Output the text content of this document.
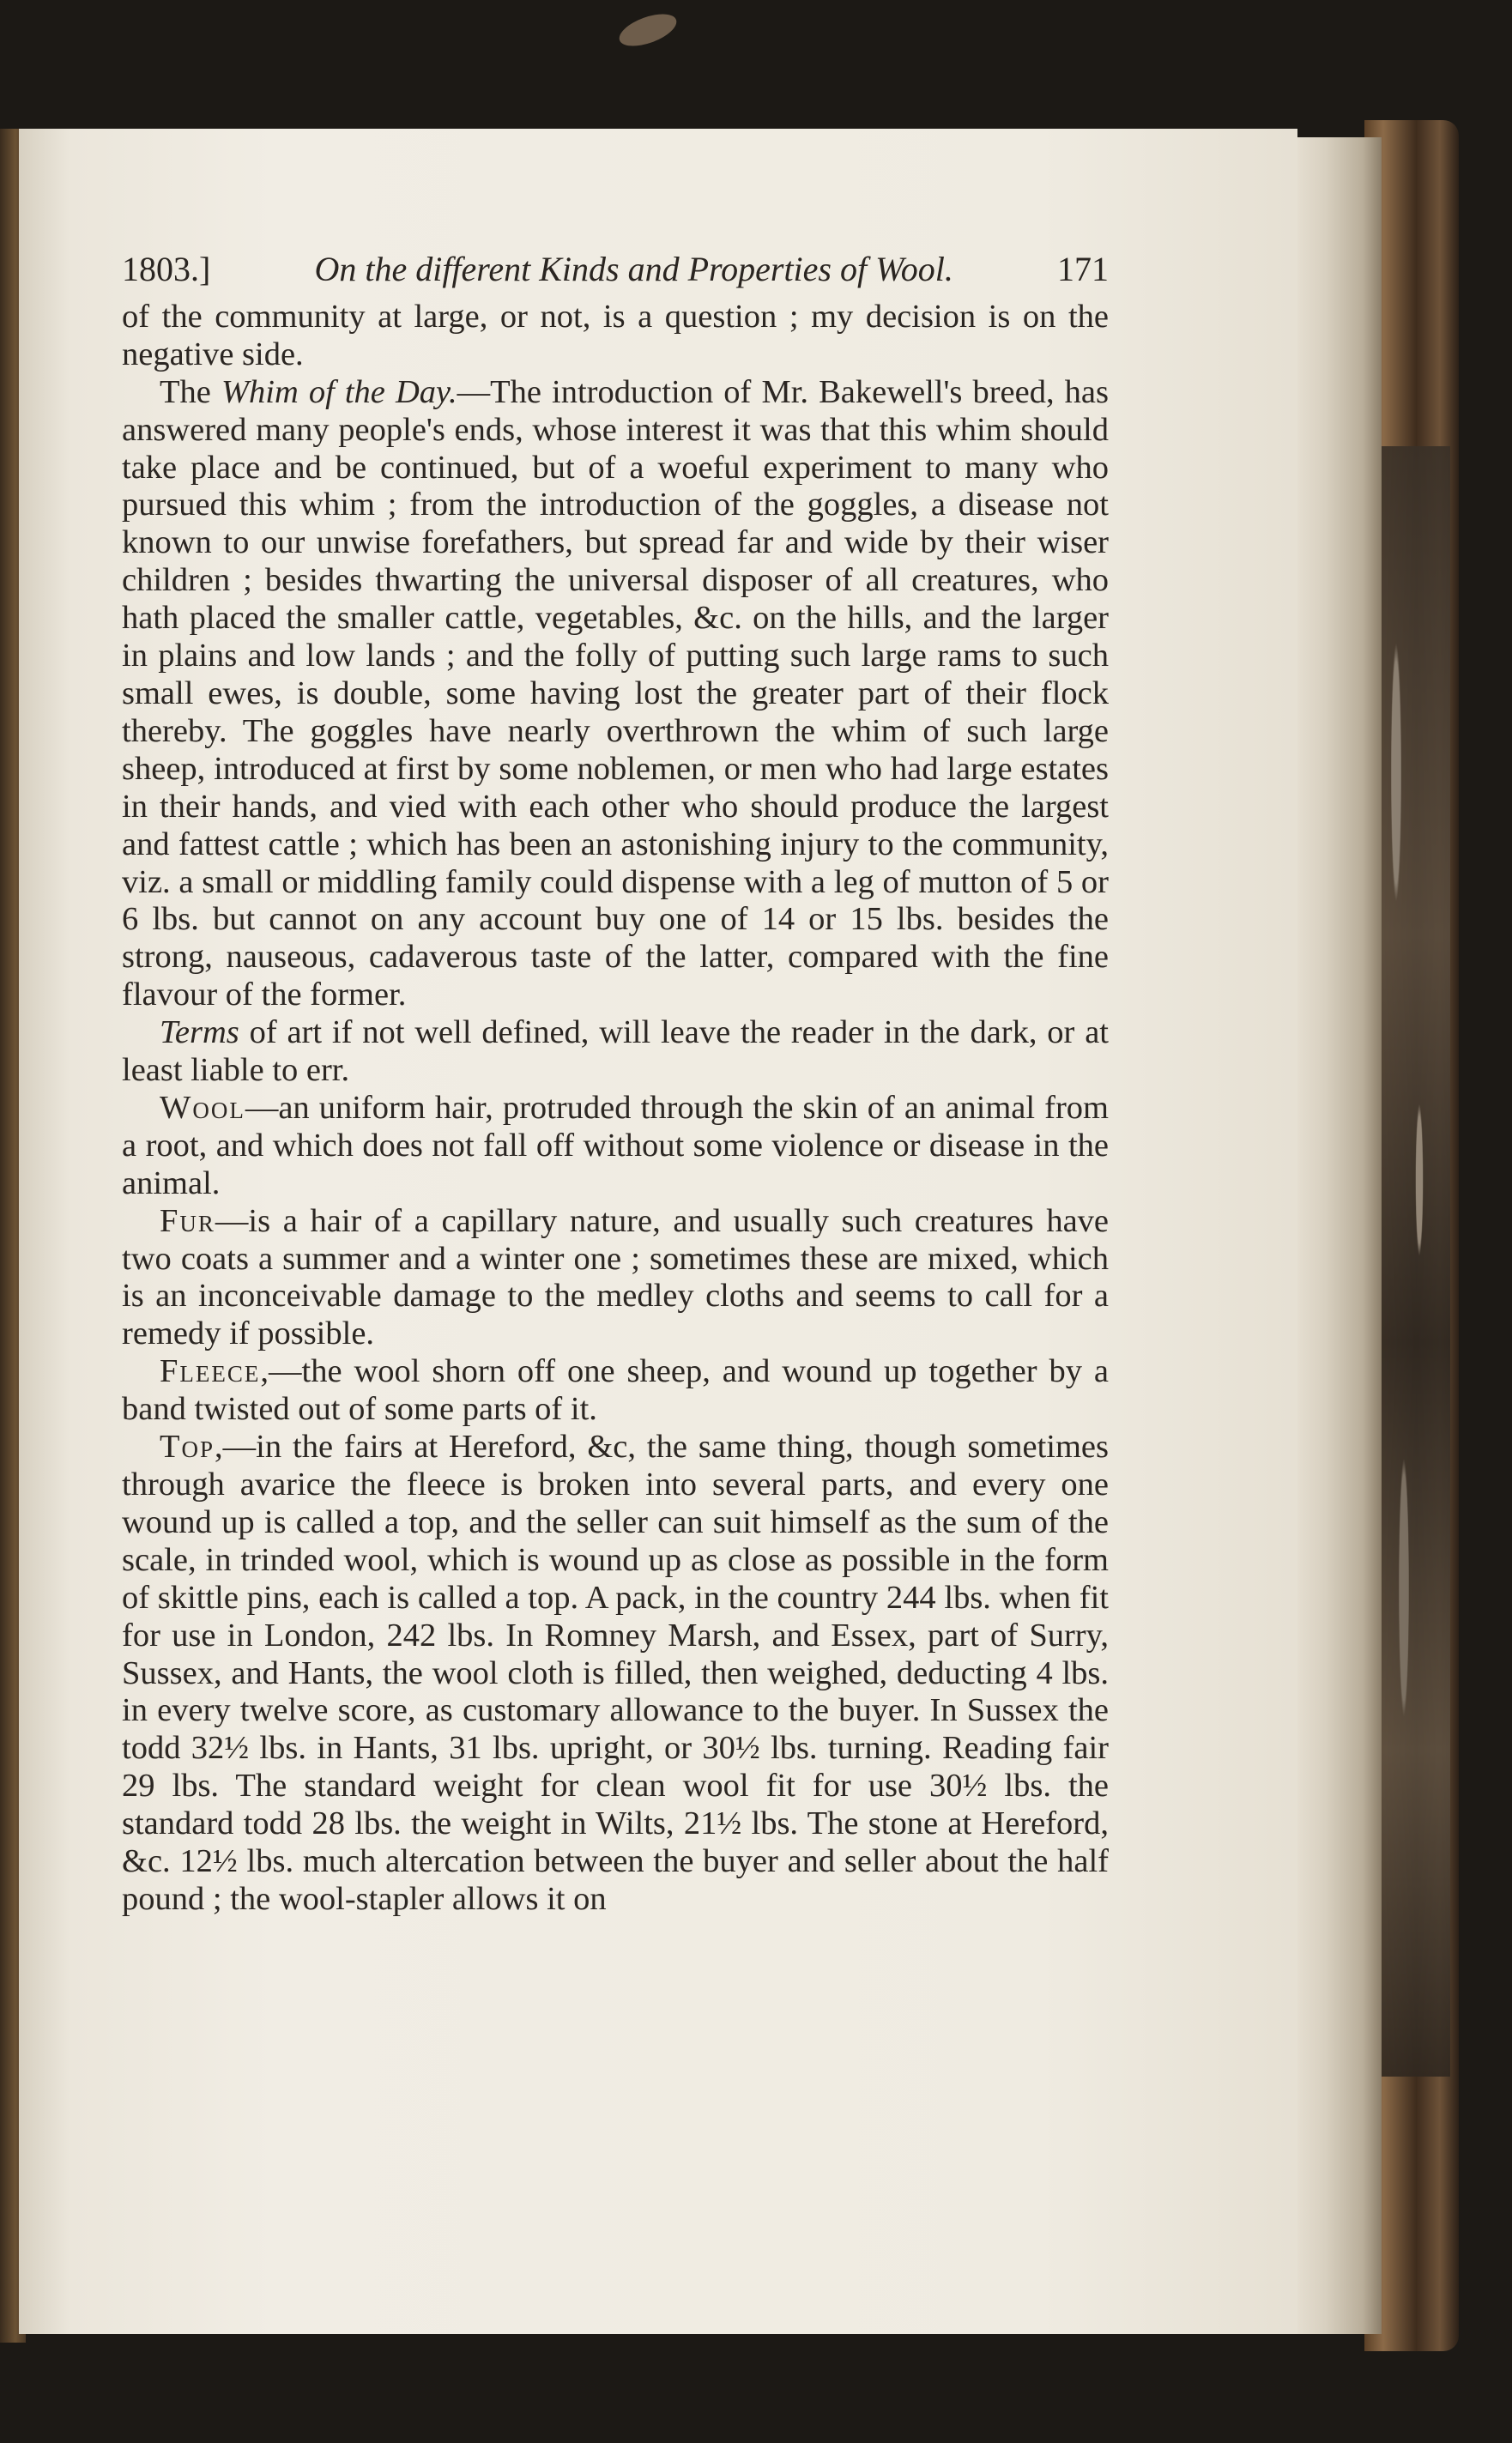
1803.]	On the different Kinds and Properties of Wool.	171

of the community at large, or not, is a question ; my decision is on the negative side.

The Whim of the Day.—The introduction of Mr. Bakewell's breed, has answered many people's ends, whose interest it was that this whim should take place and be continued, but of a woeful experiment to many who pursued this whim ; from the introduction of the goggles, a disease not known to our unwise forefathers, but spread far and wide by their wiser children ; besides thwarting the universal disposer of all creatures, who hath placed the smaller cattle, vegetables, &c. on the hills, and the larger in plains and low lands ; and the folly of putting such large rams to such small ewes, is double, some having lost the greater part of their flock thereby. The goggles have nearly overthrown the whim of such large sheep, introduced at first by some noblemen, or men who had large estates in their hands, and vied with each other who should produce the largest and fattest cattle ; which has been an astonishing injury to the community, viz. a small or middling family could dispense with a leg of mutton of 5 or 6 lbs. but cannot on any account buy one of 14 or 15 lbs. besides the strong, nauseous, cadaverous taste of the latter, compared with the fine flavour of the former.

Terms of art if not well defined, will leave the reader in the dark, or at least liable to err.

Wool—an uniform hair, protruded through the skin of an animal from a root, and which does not fall off without some violence or disease in the animal.

Fur—is a hair of a capillary nature, and usually such creatures have two coats a summer and a winter one ; sometimes these are mixed, which is an inconceivable damage to the medley cloths and seems to call for a remedy if possible.

Fleece,—the wool shorn off one sheep, and wound up together by a band twisted out of some parts of it.

Top,—in the fairs at Hereford, &c, the same thing, though sometimes through avarice the fleece is broken into several parts, and every one wound up is called a top, and the seller can suit himself as the sum of the scale, in trinded wool, which is wound up as close as possible in the form of skittle pins, each is called a top. A pack, in the country 244 lbs. when fit for use in London, 242 lbs. In Romney Marsh, and Essex, part of Surry, Sussex, and Hants, the wool cloth is filled, then weighed, deducting 4 lbs. in every twelve score, as customary allowance to the buyer. In Sussex the todd 32½ lbs. in Hants, 31 lbs. upright, or 30½ lbs. turning. Reading fair 29 lbs. The standard weight for clean wool fit for use 30½ lbs. the standard todd 28 lbs. the weight in Wilts, 21½ lbs. The stone at Hereford, &c. 12½ lbs. much altercation between the buyer and seller about the half pound ; the wool-stapler allows it on
